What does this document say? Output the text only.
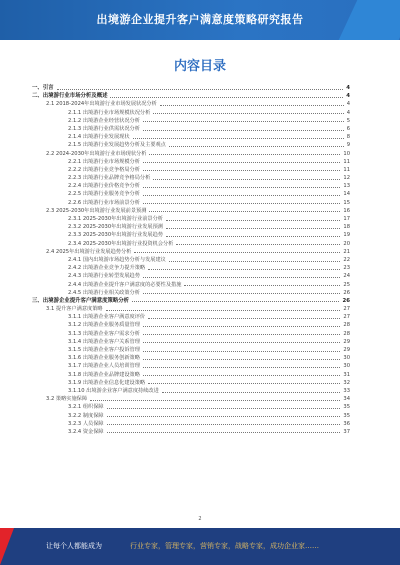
出境游企业提升客户满意度策略研究报告
内容目录
一、引言	4
二、出境游行业市场分析及概述	4
2.1 2018-2024年出境游行业市场发展状况分析	4
2.1.1 出境游行业市场规模状况分析	4
2.1.2 出境游企业经营状况分析	5
2.1.3 出境游行业供需状况分析	6
2.1.4 出境游行业发展现状	8
2.1.5 出境游行业发展趋势分析及主要观点	9
2.2 2024-2030年出境游行业市场现状分析	10
2.2.1 出境游行业市场规模分析	11
2.2.2 出境游行业竞争格局分析	11
2.2.3 出境游行业品牌竞争格局分析	12
2.2.4 出境游行业价格竞争分析	13
2.2.5 出境游行业服务竞争分析	14
2.2.6 出境游行业市场前景分析	15
2.3 2025-2030年出境游行业发展前景预测	16
2.3.1 2025-2030年出境游行业前景分析	17
2.3.2 2025-2030年出境游行业发展预测	18
2.3.3 2025-2030年出境游行业发展趋势	19
2.3.4 2025-2030年出境游行业投资机会分析	20
2.4 2025年出境游行业发展趋势分析	21
2.4.1 国内出境游市场趋势分析与发展建议	22
2.4.2 出境游企业竞争力提升策略	23
2.4.3 出境游行业转型发展趋势	24
2.4.4 出境游企业提升客户满意度的必要性及措施	25
2.4.5 出境游行业相关政策分析	26
三、出境游企业提升客户满意度策略分析	26
3.1 提升客户满意度策略	27
3.1.1 出境游企业客户满意度评价	27
3.1.2 出境游企业服务质量管理	28
3.1.3 出境游企业客户需求分析	28
3.1.4 出境游企业客户关系管理	29
3.1.5 出境游企业客户投诉管理	29
3.1.6 出境游企业服务创新策略	30
3.1.7 出境游企业人员培训管理	30
3.1.8 出境游企业品牌建设策略	31
3.1.9 出境游企业信息化建设策略	32
3.1.10 出境游企业客户满意度持续改进	33
3.2 策略实施保障	34
3.2.1 组织保障	35
3.2.2 制度保障	35
3.2.3 人员保障	36
3.2.4 资金保障	37
2
让每个人都能成为	行业专家，管理专家，营销专家，战略专家，成功企业家……
